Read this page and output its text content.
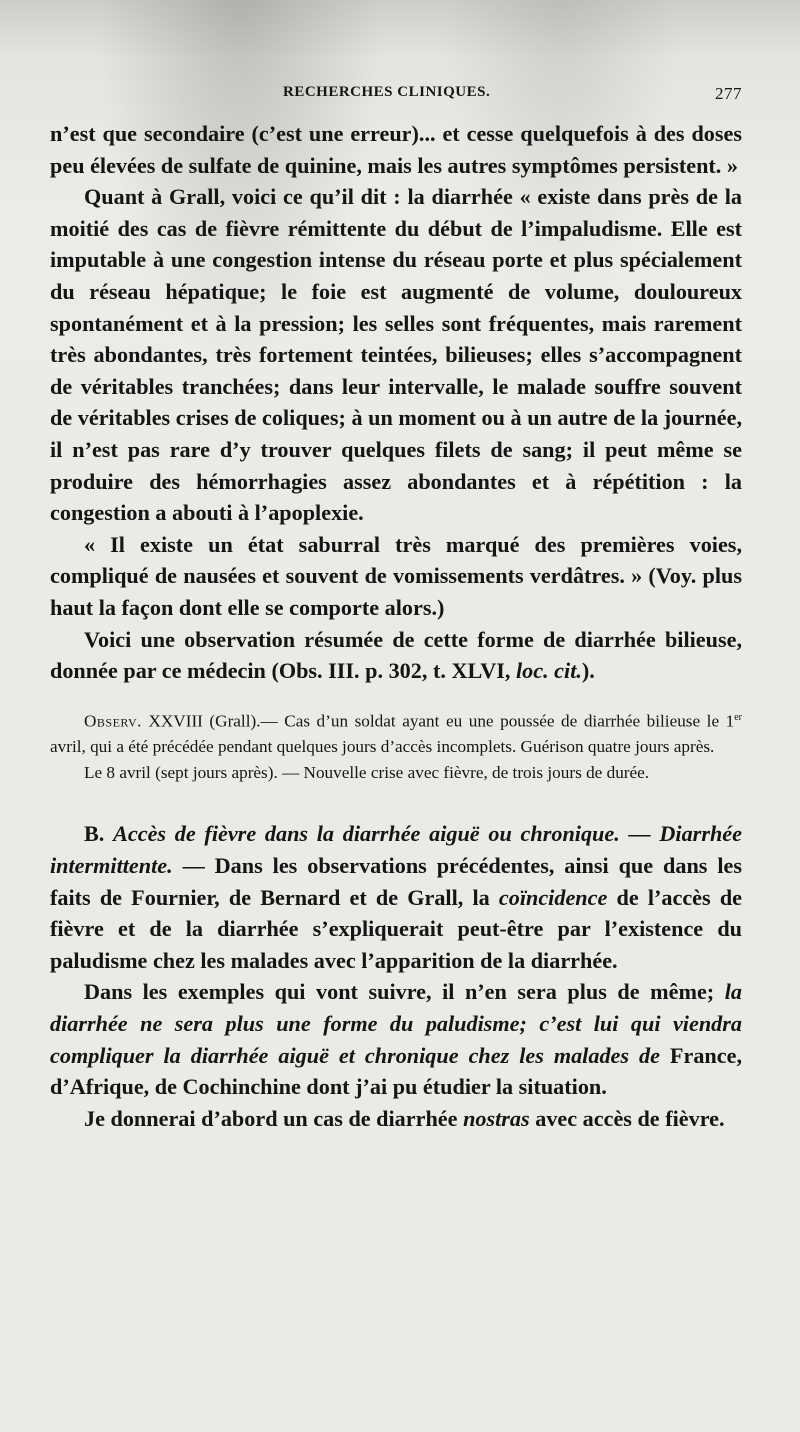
RECHERCHES CLINIQUES.	277

n’est que secondaire (c’est une erreur)... et cesse quelquefois à des doses peu élevées de sulfate de quinine, mais les autres symptômes persistent. »

Quant à Grall, voici ce qu’il dit : la diarrhée « existe dans près de la moitié des cas de fièvre rémittente du début de l’impaludisme. Elle est imputable à une congestion intense du réseau porte et plus spécialement du réseau hépatique; le foie est augmenté de volume, douloureux spontanément et à la pression; les selles sont fréquentes, mais rarement très abondantes, très fortement teintées, bilieuses; elles s’accompagnent de véritables tranchées; dans leur intervalle, le malade souffre souvent de véritables crises de coliques; à un moment ou à un autre de la journée, il n’est pas rare d’y trouver quelques filets de sang; il peut même se produire des hémorrhagies assez abondantes et à répétition : la congestion a abouti à l’apoplexie.

« Il existe un état saburral très marqué des premières voies, compliqué de nausées et souvent de vomissements verdâtres. » (Voy. plus haut la façon dont elle se comporte alors.)

Voici une observation résumée de cette forme de diarrhée bilieuse, donnée par ce médecin (Obs. III. p. 302, t. XLVI, loc. cit.).

Observ. XXVIII (Grall).— Cas d’un soldat ayant eu une poussée de diarrhée bilieuse le 1er avril, qui a été précédée pendant quelques jours d’accès incomplets. Guérison quatre jours après.

Le 8 avril (sept jours après). — Nouvelle crise avec fièvre, de trois jours de durée.

B. Accès de fièvre dans la diarrhée aiguë ou chronique. — Diarrhée intermittente. — Dans les observations précédentes, ainsi que dans les faits de Fournier, de Bernard et de Grall, la coïncidence de l’accès de fièvre et de la diarrhée s’expliquerait peut-être par l’existence du paludisme chez les malades avec l’apparition de la diarrhée.

Dans les exemples qui vont suivre, il n’en sera plus de même; la diarrhée ne sera plus une forme du paludisme; c’est lui qui viendra compliquer la diarrhée aiguë et chronique chez les malades de France, d’Afrique, de Cochinchine dont j’ai pu étudier la situation.

Je donnerai d’abord un cas de diarrhée nostras avec accès de fièvre.
